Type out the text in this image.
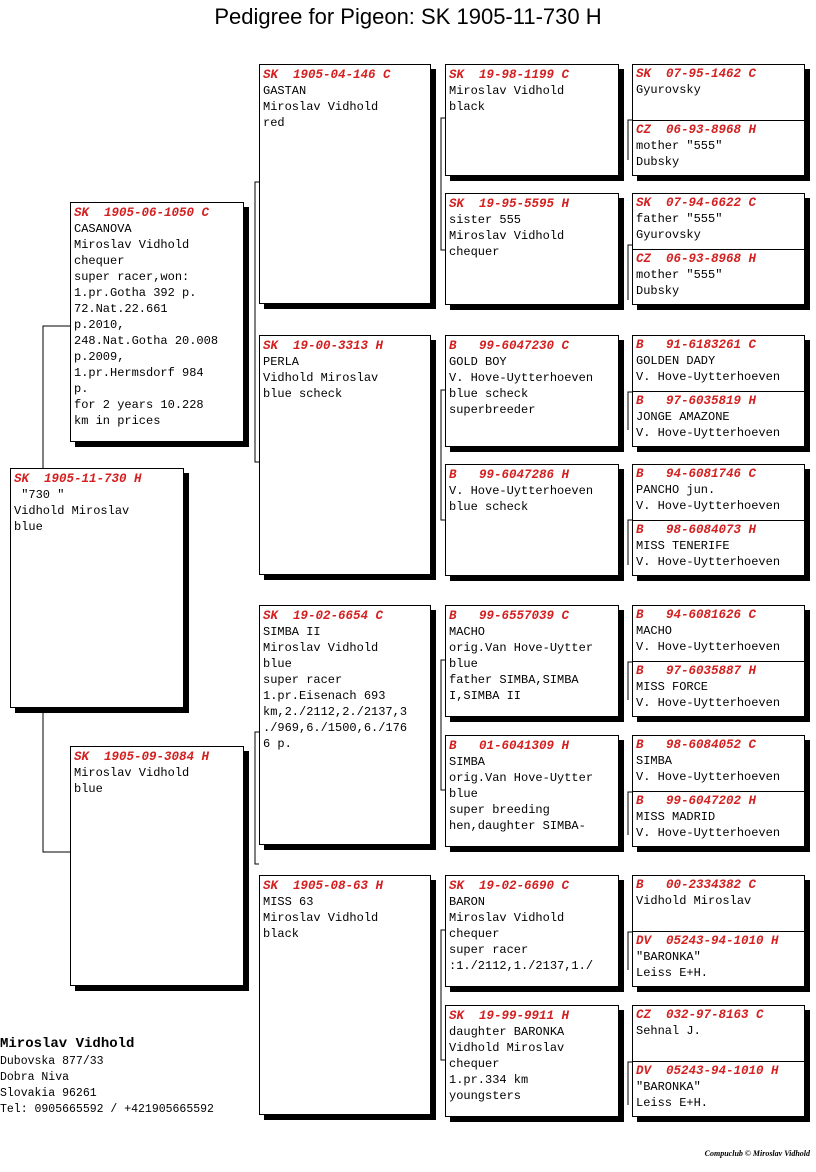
Pedigree for Pigeon: SK 1905-11-730 H
SK  1905-11-730 H
"730 "
Vidhold Miroslav
blue
SK  1905-06-1050 C
CASANOVA
Miroslav Vidhold
chequer
super racer,won:
1.pr.Gotha 392 p.
72.Nat.22.661
p.2010,
248.Nat.Gotha 20.008
p.2009,
1.pr.Hermsdorf 984
p.
for 2 years 10.228
km in prices
SK  1905-09-3084 H
Miroslav Vidhold
blue
SK  1905-04-146 C
GASTAN
Miroslav Vidhold
red
SK  19-00-3313 H
PERLA
Vidhold Miroslav
blue scheck
SK  19-02-6654 C
SIMBA II
Miroslav Vidhold
blue
super racer
1.pr.Eisenach 693
km,2./2112,2./2137,3
./969,6./1500,6./176
6 p.
SK  1905-08-63 H
MISS 63
Miroslav Vidhold
black
SK  19-98-1199 C
Miroslav Vidhold
black
SK  19-95-5595 H
sister 555
Miroslav Vidhold
chequer
B   99-6047230 C
GOLD BOY
V. Hove-Uytterhoeven
blue scheck
superbreeder
B   99-6047286 H
V. Hove-Uytterhoeven
blue scheck
B   99-6557039 C
MACHO
orig.Van Hove-Uytter
blue
father SIMBA,SIMBA
I,SIMBA II
B   01-6041309 H
SIMBA
orig.Van Hove-Uytter
blue
super breeding
hen,daughter SIMBA-
SK  19-02-6690 C
BARON
Miroslav Vidhold
chequer
super racer
:1./2112,1./2137,1./
SK  19-99-9911 H
daughter BARONKA
Vidhold Miroslav
chequer
1.pr.334 km
youngsters
SK  07-95-1462 C
Gyurovsky
CZ  06-93-8968 H
mother "555"
Dubsky
SK  07-94-6622 C
father "555"
Gyurovsky
CZ  06-93-8968 H
mother "555"
Dubsky
B   91-6183261 C
GOLDEN DADY
V. Hove-Uytterhoeven
B   97-6035819 H
JONGE AMAZONE
V. Hove-Uytterhoeven
B   94-6081746 C
PANCHO jun.
V. Hove-Uytterhoeven
B   98-6084073 H
MISS TENERIFE
V. Hove-Uytterhoeven
B   94-6081626 C
MACHO
V. Hove-Uytterhoeven
B   97-6035887 H
MISS FORCE
V. Hove-Uytterhoeven
B   98-6084052 C
SIMBA
V. Hove-Uytterhoeven
B   99-6047202 H
MISS MADRID
V. Hove-Uytterhoeven
B   00-2334382 C
Vidhold Miroslav
DV  05243-94-1010 H
"BARONKA"
Leiss E+H.
CZ  032-97-8163 C
Sehnal J.
DV  05243-94-1010 H
"BARONKA"
Leiss E+H.
Miroslav Vidhold
Dubovska 877/33
Dobra Niva
Slovakia 96261
Tel: 0905665592 / +421905665592
Compuclub © Miroslav Vidhold
